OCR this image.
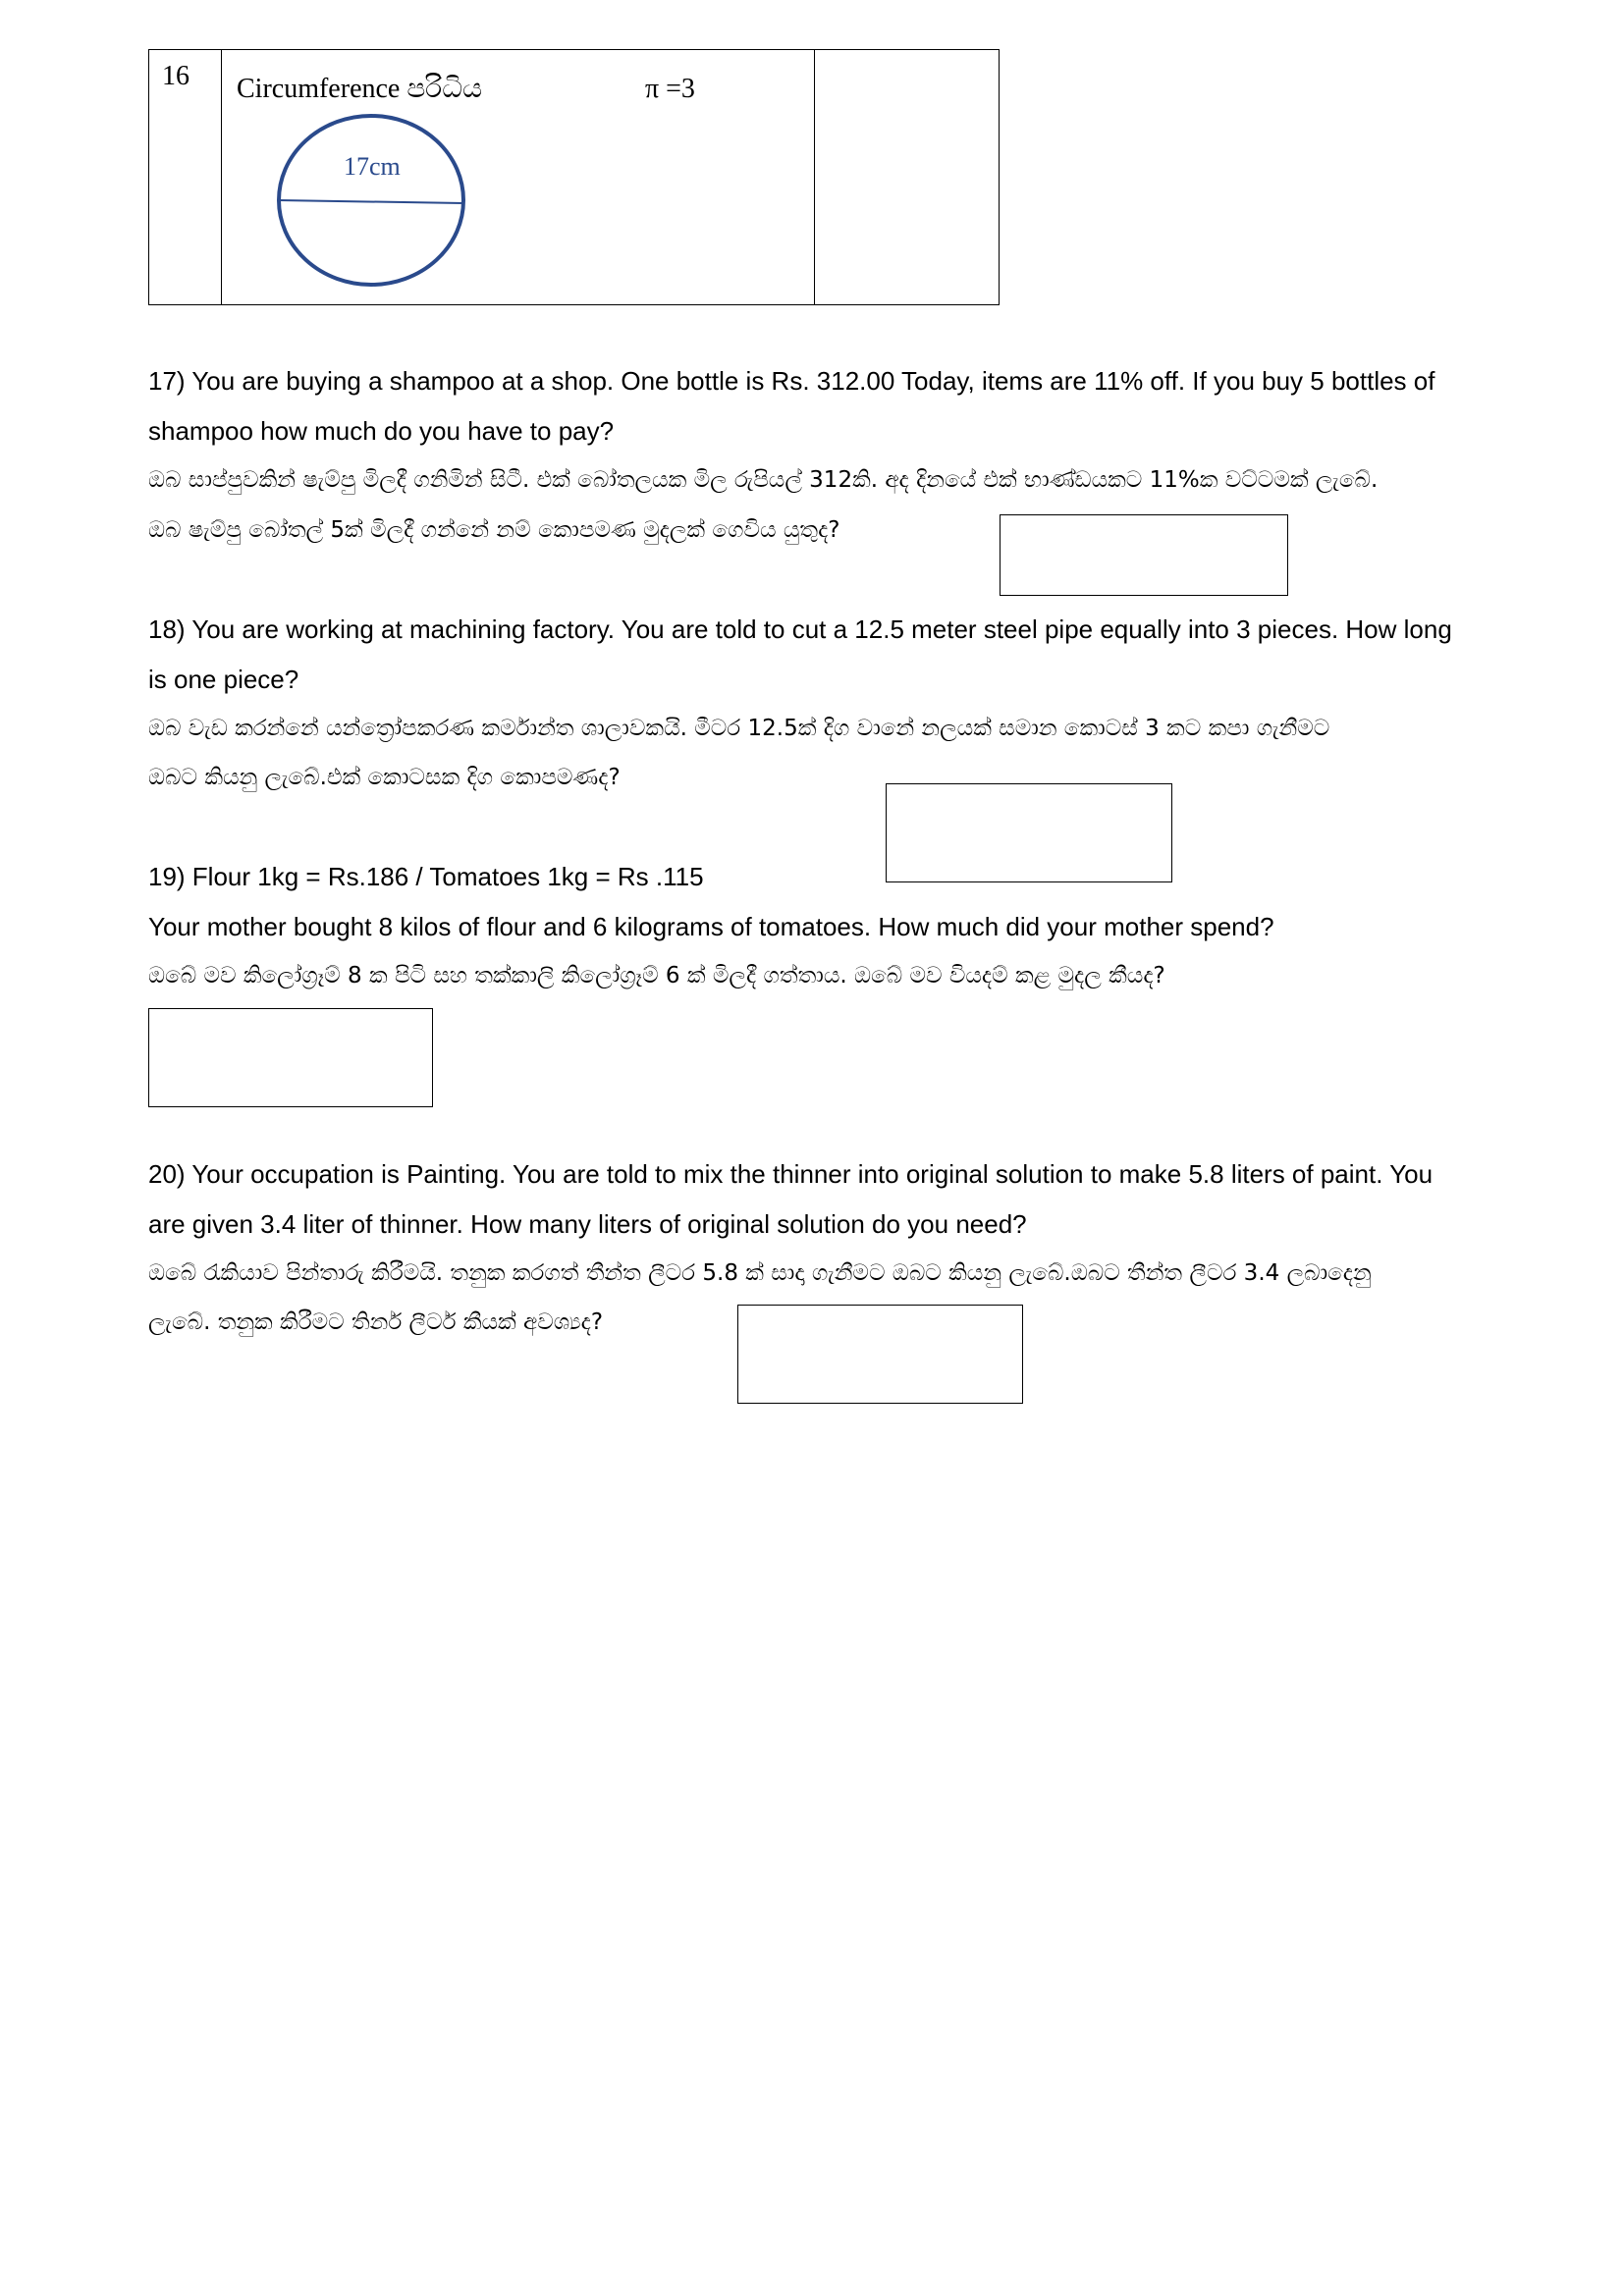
16 Circumference පරිධිය	π =3
17cm
17) You are buying a shampoo at a shop. One bottle is Rs. 312.00 Today, items are 11% off. If you buy 5 bottles of
shampoo how much do you have to pay?
ඔබ සාප්පුවකින් ෂැම්පු මිලදී ගනිමින් සිටී. එක් බෝතලයක මිල රුපියල් 312කි. අද දිනයේ එක් භාණ්ඩයකට 11%ක වට්ටමක් ලැබේ.
ඔබ ෂැම්පු බෝතල් 5ක් මිලදී ගන්නේ නම් කොපමණ මුදලක් ගෙවිය යුතුද?
18) You are working at machining factory. You are told to cut a 12.5 meter steel pipe equally into 3 pieces. How long
is one piece?
ඔබ වැඩ කරන්නේ යන්ත්‍රෝපකරණ කර්මාන්ත ශාලාවකයි. මීටර 12.5ක් දිග වානේ නලයක් සමාන කොටස් 3 කට කපා ගැනීමට
ඔබට කියනු ලැබේ.එක් කොටසක දිග කොපමණද?
19) Flour 1kg = Rs.186 / Tomatoes 1kg = Rs .115
Your mother bought 8 kilos of flour and 6 kilograms of tomatoes. How much did your mother spend?
ඔබේ මව කිලෝග්‍රෑම් 8 ක පිටි සහ තක්කාලි කිලෝග්‍රෑම් 6 ක් මිලදී ගත්තාය. ඔබේ මව වියදම් කළ මුදල කීයද?
20) Your occupation is Painting. You are told to mix the thinner into original solution to make 5.8 liters of paint. You
are given 3.4 liter of thinner. How many liters of original solution do you need?
ඔබේ රැකියාව පින්තාරු කිරීමයි. තනුක කරගත් තීන්ත ලීටර 5.8 ක් සාදා ගැනීමට ඔබට කියනු ලැබේ.ඔබට තීන්ත ලීටර 3.4 ලබාදෙනු
ලැබේ. තනුක කිරීමට තිනර් ලීටර් කීයක් අවශ්‍යද?
